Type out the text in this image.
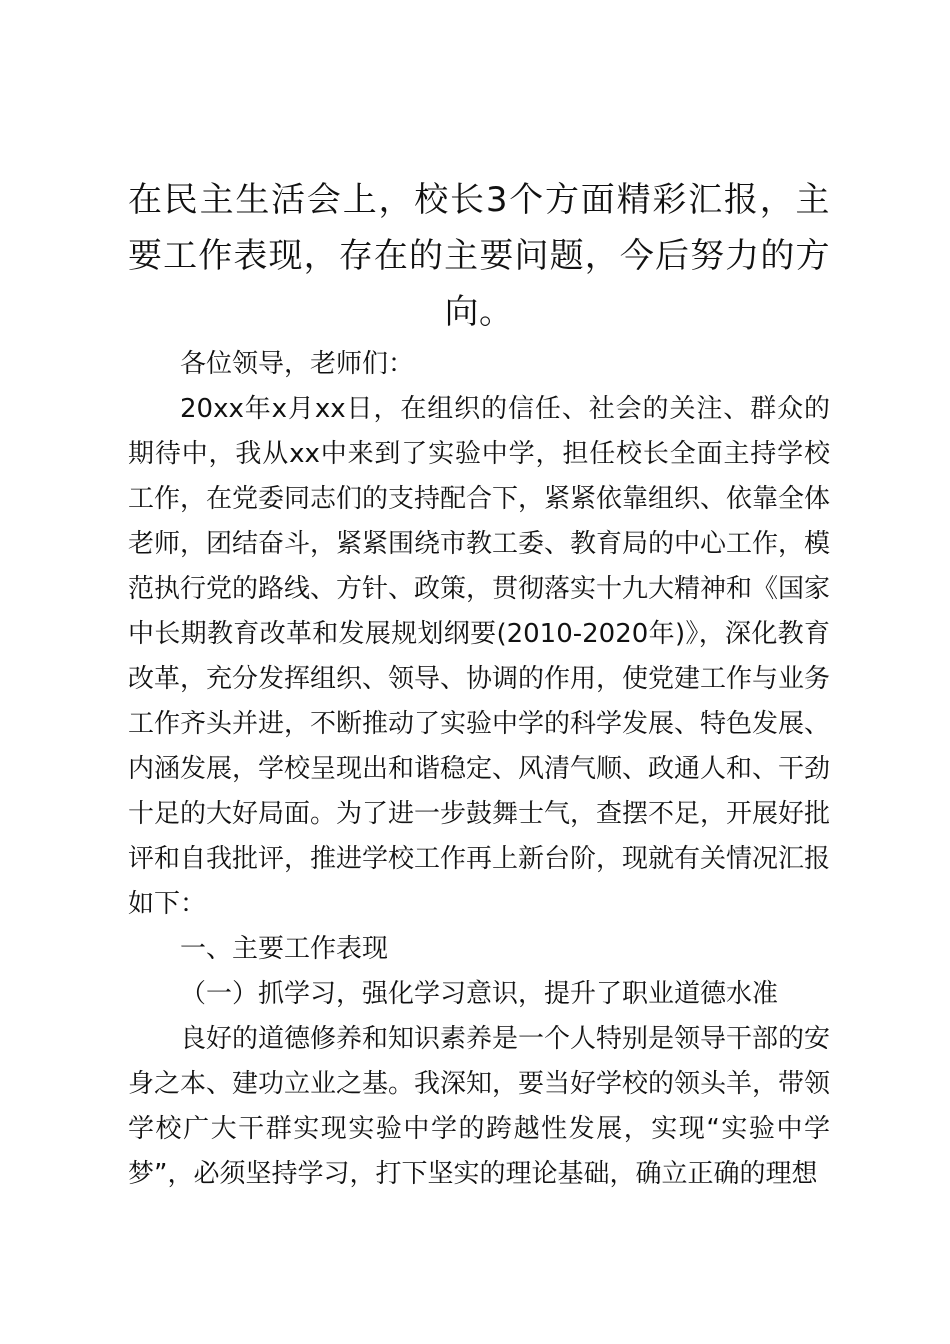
在民主生活会上，校长3个方面精彩汇报，主要工作表现，存在的主要问题，今后努力的方向。

各位领导，老师们：

20xx年x月xx日，在组织的信任、社会的关注、群众的期待中，我从xx中来到了实验中学，担任校长全面主持学校工作，在党委同志们的支持配合下，紧紧依靠组织、依靠全体老师，团结奋斗，紧紧围绕市教工委、教育局的中心工作，模范执行党的路线、方针、政策，贯彻落实十九大精神和《国家中长期教育改革和发展规划纲要(2010-2020年)》，深化教育改革，充分发挥组织、领导、协调的作用，使党建工作与业务工作齐头并进，不断推动了实验中学的科学发展、特色发展、内涵发展，学校呈现出和谐稳定、风清气顺、政通人和、干劲十足的大好局面。为了进一步鼓舞士气，查摆不足，开展好批评和自我批评，推进学校工作再上新台阶，现就有关情况汇报如下：

一、主要工作表现

（一）抓学习，强化学习意识，提升了职业道德水准

良好的道德修养和知识素养是一个人特别是领导干部的安身之本、建功立业之基。我深知，要当好学校的领头羊，带领学校广大干群实现实验中学的跨越性发展，实现“实验中学梦”，必须坚持学习，打下坚实的理论基础，确立正确的理想
